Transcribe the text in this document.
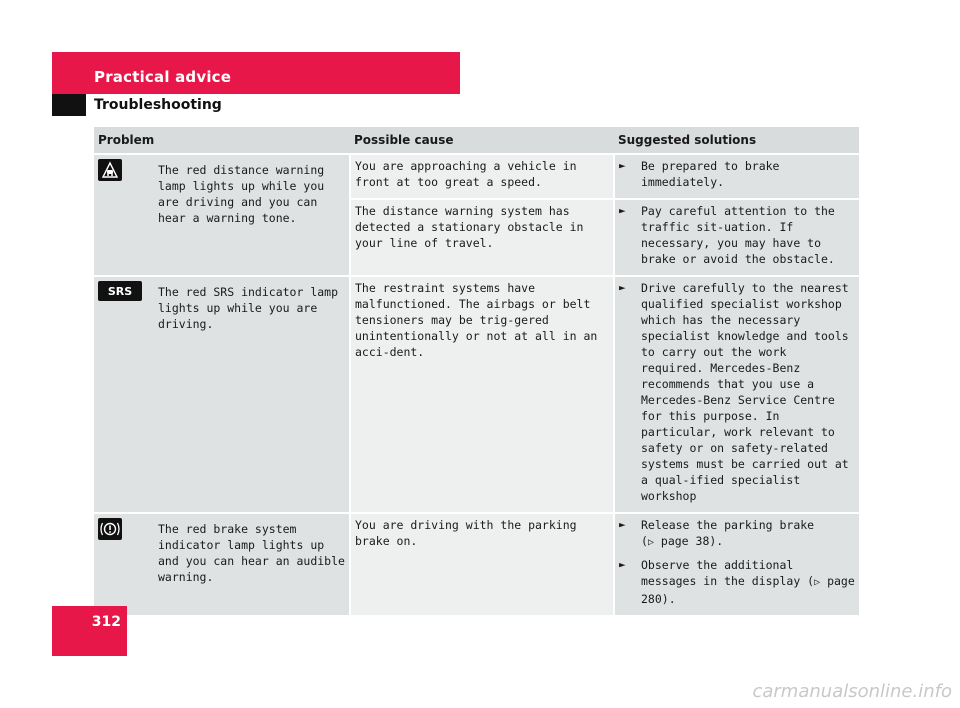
Practical advice
Troubleshooting
Problem	Possible cause	Suggested solutions

The red distance warning lamp lights up while you are driving and you can hear a warning tone.	You are approaching a vehicle in front at too great a speed.	► Be prepared to brake immediately.

	The distance warning system has detected a stationary obstacle in your line of travel.	► Pay careful attention to the traffic sit-uation. If necessary, you may have to brake or avoid the obstacle.

SRS The red SRS indicator lamp lights up while you are driving.	The restraint systems have malfunctioned. The airbags or belt tensioners may be trig-gered unintentionally or not at all in an acci-dent.	► Drive carefully to the nearest qualified specialist workshop which has the necessary specialist knowledge and tools to carry out the work required. Mercedes-Benz recommends that you use a Mercedes-Benz Service Centre for this purpose. In particular, work relevant to safety or on safety-related systems must be carried out at a qual-ified specialist workshop

The red brake system indicator lamp lights up and you can hear an audible warning.	You are driving with the parking brake on.	► Release the parking brake
(▷ page 38).
► Observe the additional messages in the display (▷ page 280).
312
carmanualsonline.info
